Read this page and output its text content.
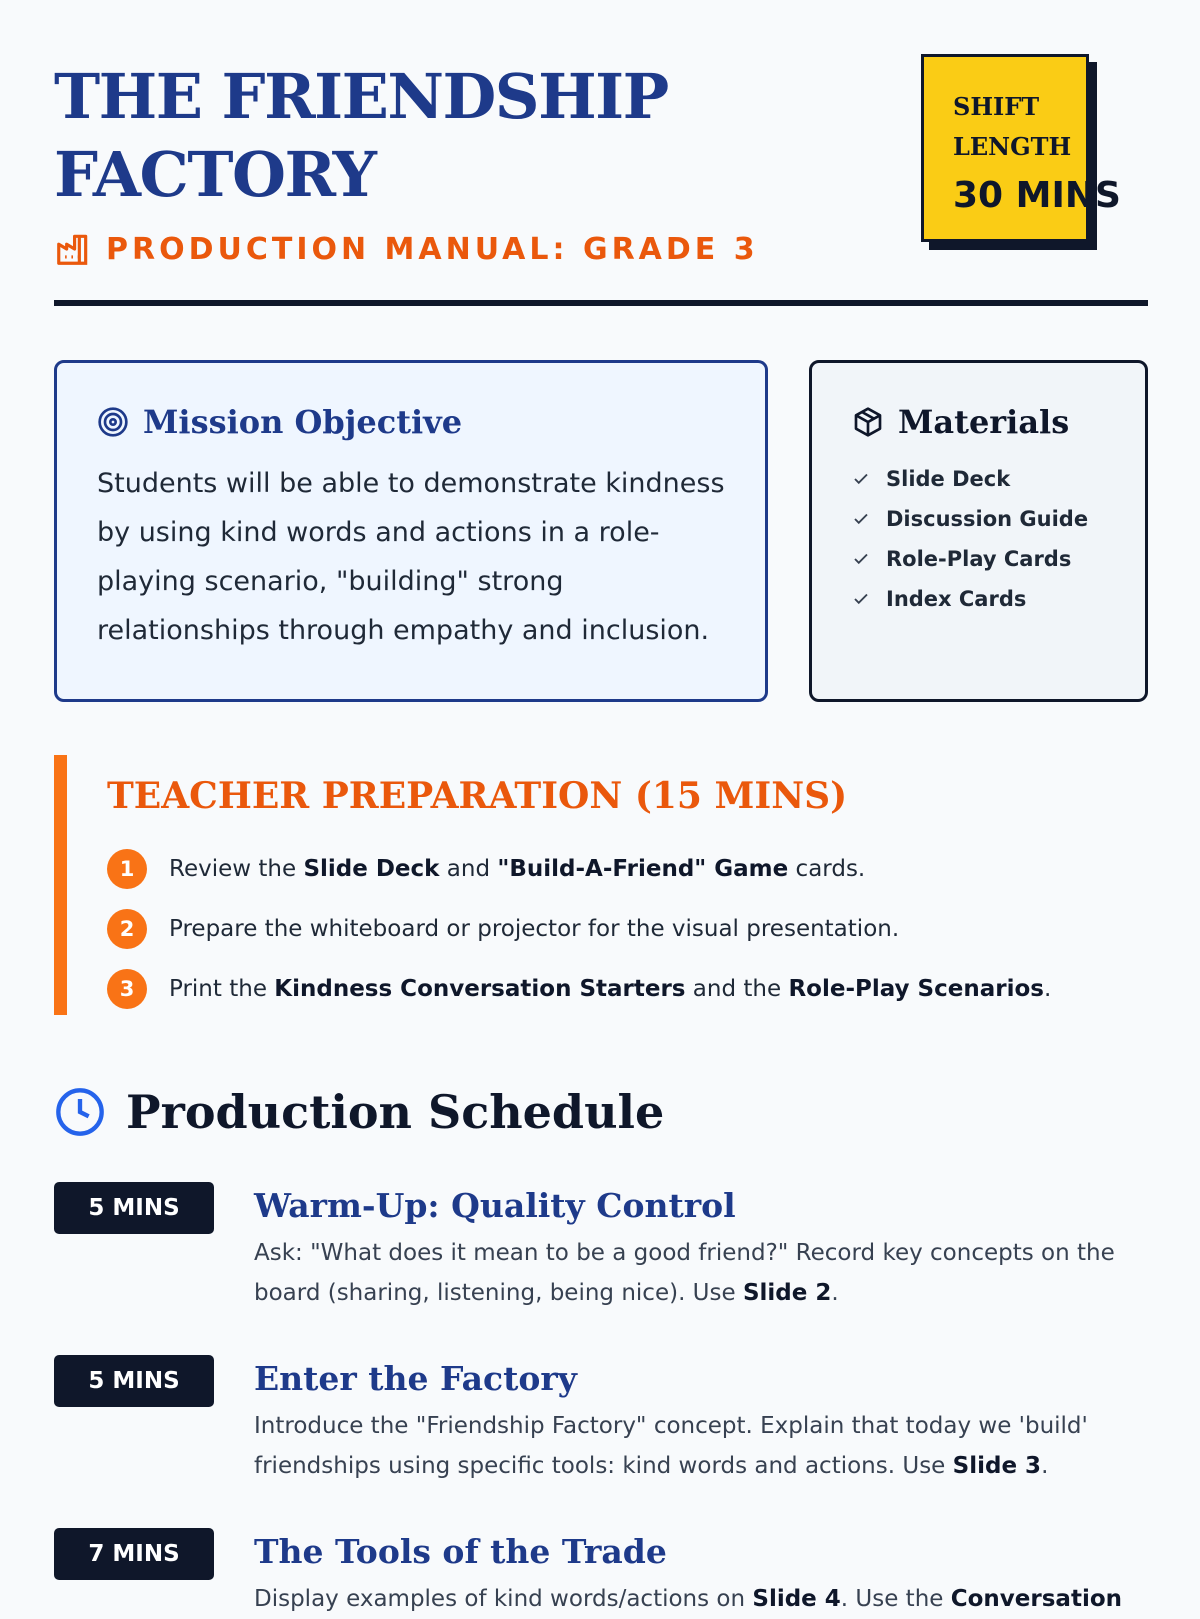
THE FRIENDSHIP
FACTORY
PRODUCTION MANUAL: GRADE 3
SHIFT
LENGTH
30 MINS
Mission Objective

Students will be able to demonstrate kindness by using kind words and actions in a role-playing scenario, "building" strong relationships through empathy and inclusion.

Materials
Slide Deck
Discussion Guide
Role-Play Cards
Index Cards
TEACHER PREPARATION (15 MINS)
1	Review the Slide Deck and "Build-A-Friend" Game cards.
2	Prepare the whiteboard or projector for the visual presentation.
3	Print the Kindness Conversation Starters and the Role-Play Scenarios.
Production Schedule
5 MINS	Warm-Up: Quality Control

Ask: "What does it mean to be a good friend?" Record key concepts on the board (sharing, listening, being nice). Use Slide 2.

5 MINS	Enter the Factory

Introduce the "Friendship Factory" concept. Explain that today we 'build' friendships using specific tools: kind words and actions. Use Slide 3.

7 MINS	The Tools of the Trade

Display examples of kind words/actions on Slide 4. Use the Conversation
